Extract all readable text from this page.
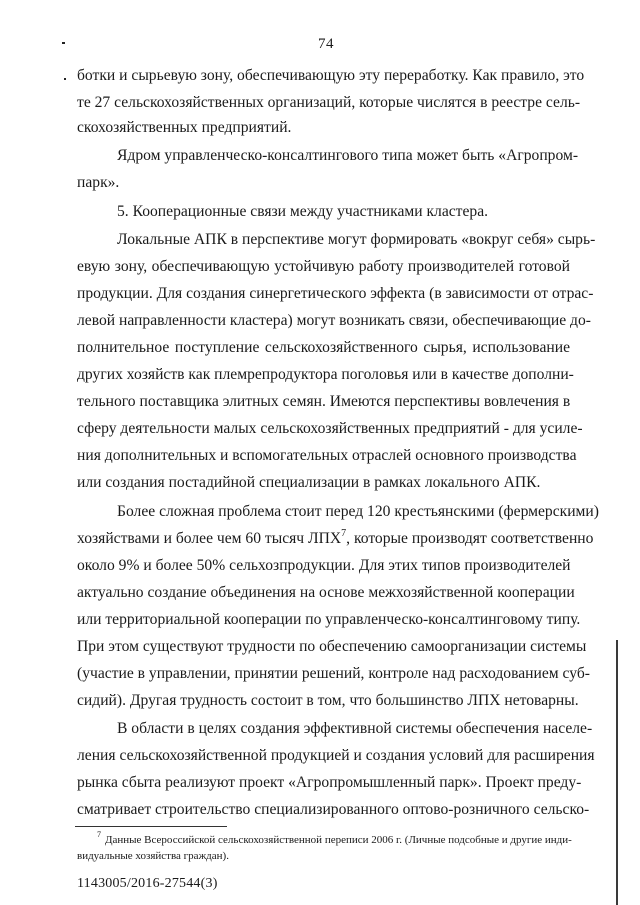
74
ботки и сырьевую зону, обеспечивающую эту переработку. Как правило, это
те 27 сельскохозяйственных организаций, которые числятся в реестре сель-
скохозяйственных предприятий.
Ядром управленческо-консалтингового типа может быть «Агропром-
парк».
5. Кооперационные связи между участниками кластера.
Локальные АПК в перспективе могут формировать «вокруг себя» сырь-
евую зону, обеспечивающую устойчивую работу производителей готовой
продукции. Для создания синергетического эффекта (в зависимости от отрас-
левой направленности кластера) могут возникать связи, обеспечивающие до-
полнительное поступление сельскохозяйственного сырья, использование
других хозяйств как племрепродуктора поголовья или в качестве дополни-
тельного поставщика элитных семян. Имеются перспективы вовлечения в
сферу деятельности малых сельскохозяйственных предприятий - для усиле-
ния дополнительных и вспомогательных отраслей основного производства
или создания постадийной специализации в рамках локального АПК.
Более сложная проблема стоит перед 120 крестьянскими (фермерскими)
хозяйствами и более чем 60 тысяч ЛПХ$^7$, которые производят соответственно
около 9% и более 50% сельхозпродукции. Для этих типов производителей
актуально создание объединения на основе межхозяйственной кооперации
или территориальной кооперации по управленческо-консалтинговому типу.
При этом существуют трудности по обеспечению самоорганизации системы
(участие в управлении, принятии решений, контроле над расходованием суб-
сидий). Другая трудность состоит в том, что большинство ЛПХ нетоварны.
В области в целях создания эффективной системы обеспечения населе-
ления сельскохозяйственной продукцией и создания условий для расширения
рынка сбыта реализуют проект «Агропромышленный парк». Проект преду-
сматривает строительство специализированного оптово-розничного сельско-
7 Данные Всероссийской сельскохозяйственной переписи 2006 г. (Личные подсобные и другие инди-
видуальные хозяйства граждан).
1143005/2016-27544(3)
